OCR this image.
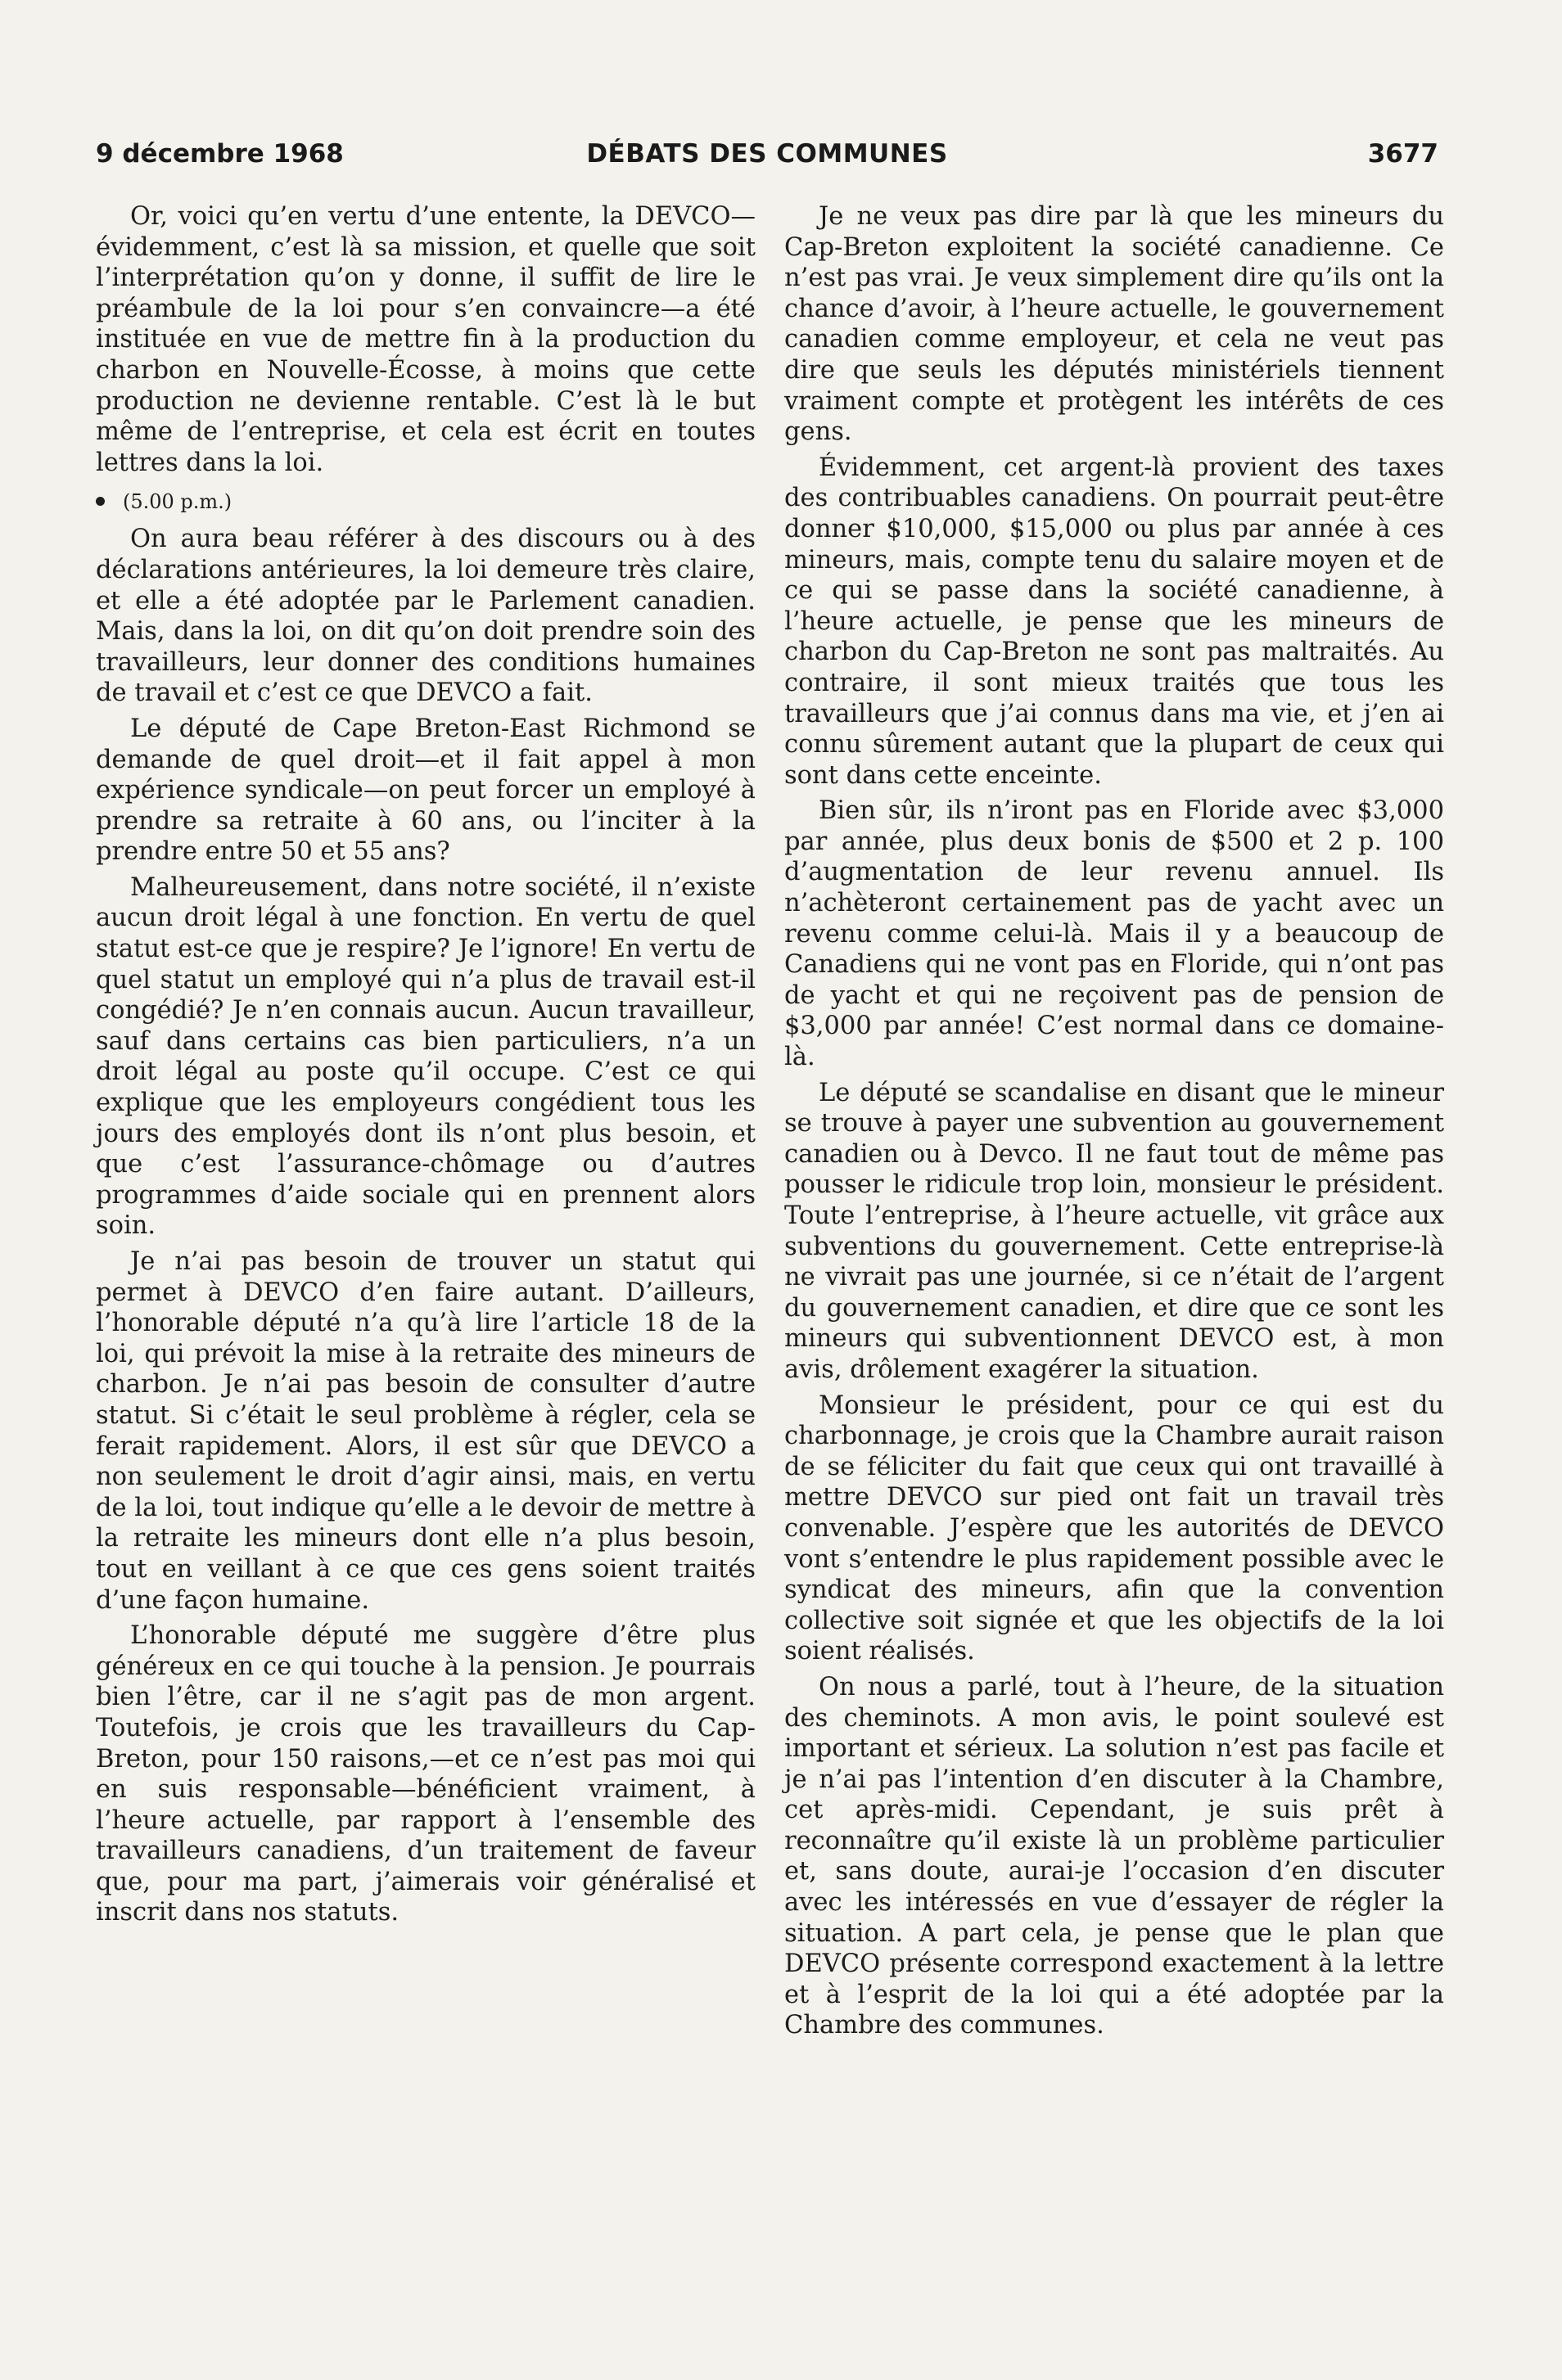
9 décembre 1968	DÉBATS DES COMMUNES	3677

Or, voici qu’en vertu d’une entente, la DEVCO—évidemment, c’est là sa mission, et quelle que soit l’interprétation qu’on y donne, il suffit de lire le préambule de la loi pour s’en convaincre—a été instituée en vue de mettre fin à la production du charbon en Nouvelle-Écosse, à moins que cette production ne devienne rentable. C’est là le but même de l’entreprise, et cela est écrit en toutes lettres dans la loi.

(5.00 p.m.)

On aura beau référer à des discours ou à des déclarations antérieures, la loi demeure très claire, et elle a été adoptée par le Parlement canadien. Mais, dans la loi, on dit qu’on doit prendre soin des travailleurs, leur donner des conditions humaines de travail et c’est ce que DEVCO a fait.

Le député de Cape Breton-East Richmond se demande de quel droit—et il fait appel à mon expérience syndicale—on peut forcer un employé à prendre sa retraite à 60 ans, ou l’inciter à la prendre entre 50 et 55 ans?

Malheureusement, dans notre société, il n’existe aucun droit légal à une fonction. En vertu de quel statut est-ce que je respire? Je l’ignore! En vertu de quel statut un employé qui n’a plus de travail est-il congédié? Je n’en connais aucun. Aucun travailleur, sauf dans certains cas bien particuliers, n’a un droit légal au poste qu’il occupe. C’est ce qui explique que les employeurs congédient tous les jours des employés dont ils n’ont plus besoin, et que c’est l’assurance-chômage ou d’autres programmes d’aide sociale qui en prennent alors soin.

Je n’ai pas besoin de trouver un statut qui permet à DEVCO d’en faire autant. D’ailleurs, l’honorable député n’a qu’à lire l’article 18 de la loi, qui prévoit la mise à la retraite des mineurs de charbon. Je n’ai pas besoin de consulter d’autre statut. Si c’était le seul problème à régler, cela se ferait rapidement. Alors, il est sûr que DEVCO a non seulement le droit d’agir ainsi, mais, en vertu de la loi, tout indique qu’elle a le devoir de mettre à la retraite les mineurs dont elle n’a plus besoin, tout en veillant à ce que ces gens soient traités d’une façon humaine.

L’honorable député me suggère d’être plus généreux en ce qui touche à la pension. Je pourrais bien l’être, car il ne s’agit pas de mon argent. Toutefois, je crois que les travailleurs du Cap-Breton, pour 150 raisons,—et ce n’est pas moi qui en suis responsable—bénéficient vraiment, à l’heure actuelle, par rapport à l’ensemble des travailleurs canadiens, d’un traitement de faveur que, pour ma part, j’aimerais voir généralisé et inscrit dans nos statuts.

Je ne veux pas dire par là que les mineurs du Cap-Breton exploitent la société canadienne. Ce n’est pas vrai. Je veux simplement dire qu’ils ont la chance d’avoir, à l’heure actuelle, le gouvernement canadien comme employeur, et cela ne veut pas dire que seuls les députés ministériels tiennent vraiment compte et protègent les intérêts de ces gens.

Évidemment, cet argent-là provient des taxes des contribuables canadiens. On pourrait peut-être donner $10,000, $15,000 ou plus par année à ces mineurs, mais, compte tenu du salaire moyen et de ce qui se passe dans la société canadienne, à l’heure actuelle, je pense que les mineurs de charbon du Cap-Breton ne sont pas maltraités. Au contraire, il sont mieux traités que tous les travailleurs que j’ai connus dans ma vie, et j’en ai connu sûrement autant que la plupart de ceux qui sont dans cette enceinte.

Bien sûr, ils n’iront pas en Floride avec $3,000 par année, plus deux bonis de $500 et 2 p. 100 d’augmentation de leur revenu annuel. Ils n’achèteront certainement pas de yacht avec un revenu comme celui-là. Mais il y a beaucoup de Canadiens qui ne vont pas en Floride, qui n’ont pas de yacht et qui ne reçoivent pas de pension de $3,000 par année! C’est normal dans ce domaine-là.

Le député se scandalise en disant que le mineur se trouve à payer une subvention au gouvernement canadien ou à Devco. Il ne faut tout de même pas pousser le ridicule trop loin, monsieur le président. Toute l’entreprise, à l’heure actuelle, vit grâce aux subventions du gouvernement. Cette entreprise-là ne vivrait pas une journée, si ce n’était de l’argent du gouvernement canadien, et dire que ce sont les mineurs qui subventionnent DEVCO est, à mon avis, drôlement exagérer la situation.

Monsieur le président, pour ce qui est du charbonnage, je crois que la Chambre aurait raison de se féliciter du fait que ceux qui ont travaillé à mettre DEVCO sur pied ont fait un travail très convenable. J’espère que les autorités de DEVCO vont s’entendre le plus rapidement possible avec le syndicat des mineurs, afin que la convention collective soit signée et que les objectifs de la loi soient réalisés.

On nous a parlé, tout à l’heure, de la situation des cheminots. A mon avis, le point soulevé est important et sérieux. La solution n’est pas facile et je n’ai pas l’intention d’en discuter à la Chambre, cet après-midi. Cependant, je suis prêt à reconnaître qu’il existe là un problème particulier et, sans doute, aurai-je l’occasion d’en discuter avec les intéressés en vue d’essayer de régler la situation. A part cela, je pense que le plan que DEVCO présente correspond exactement à la lettre et à l’esprit de la loi qui a été adoptée par la Chambre des communes.
